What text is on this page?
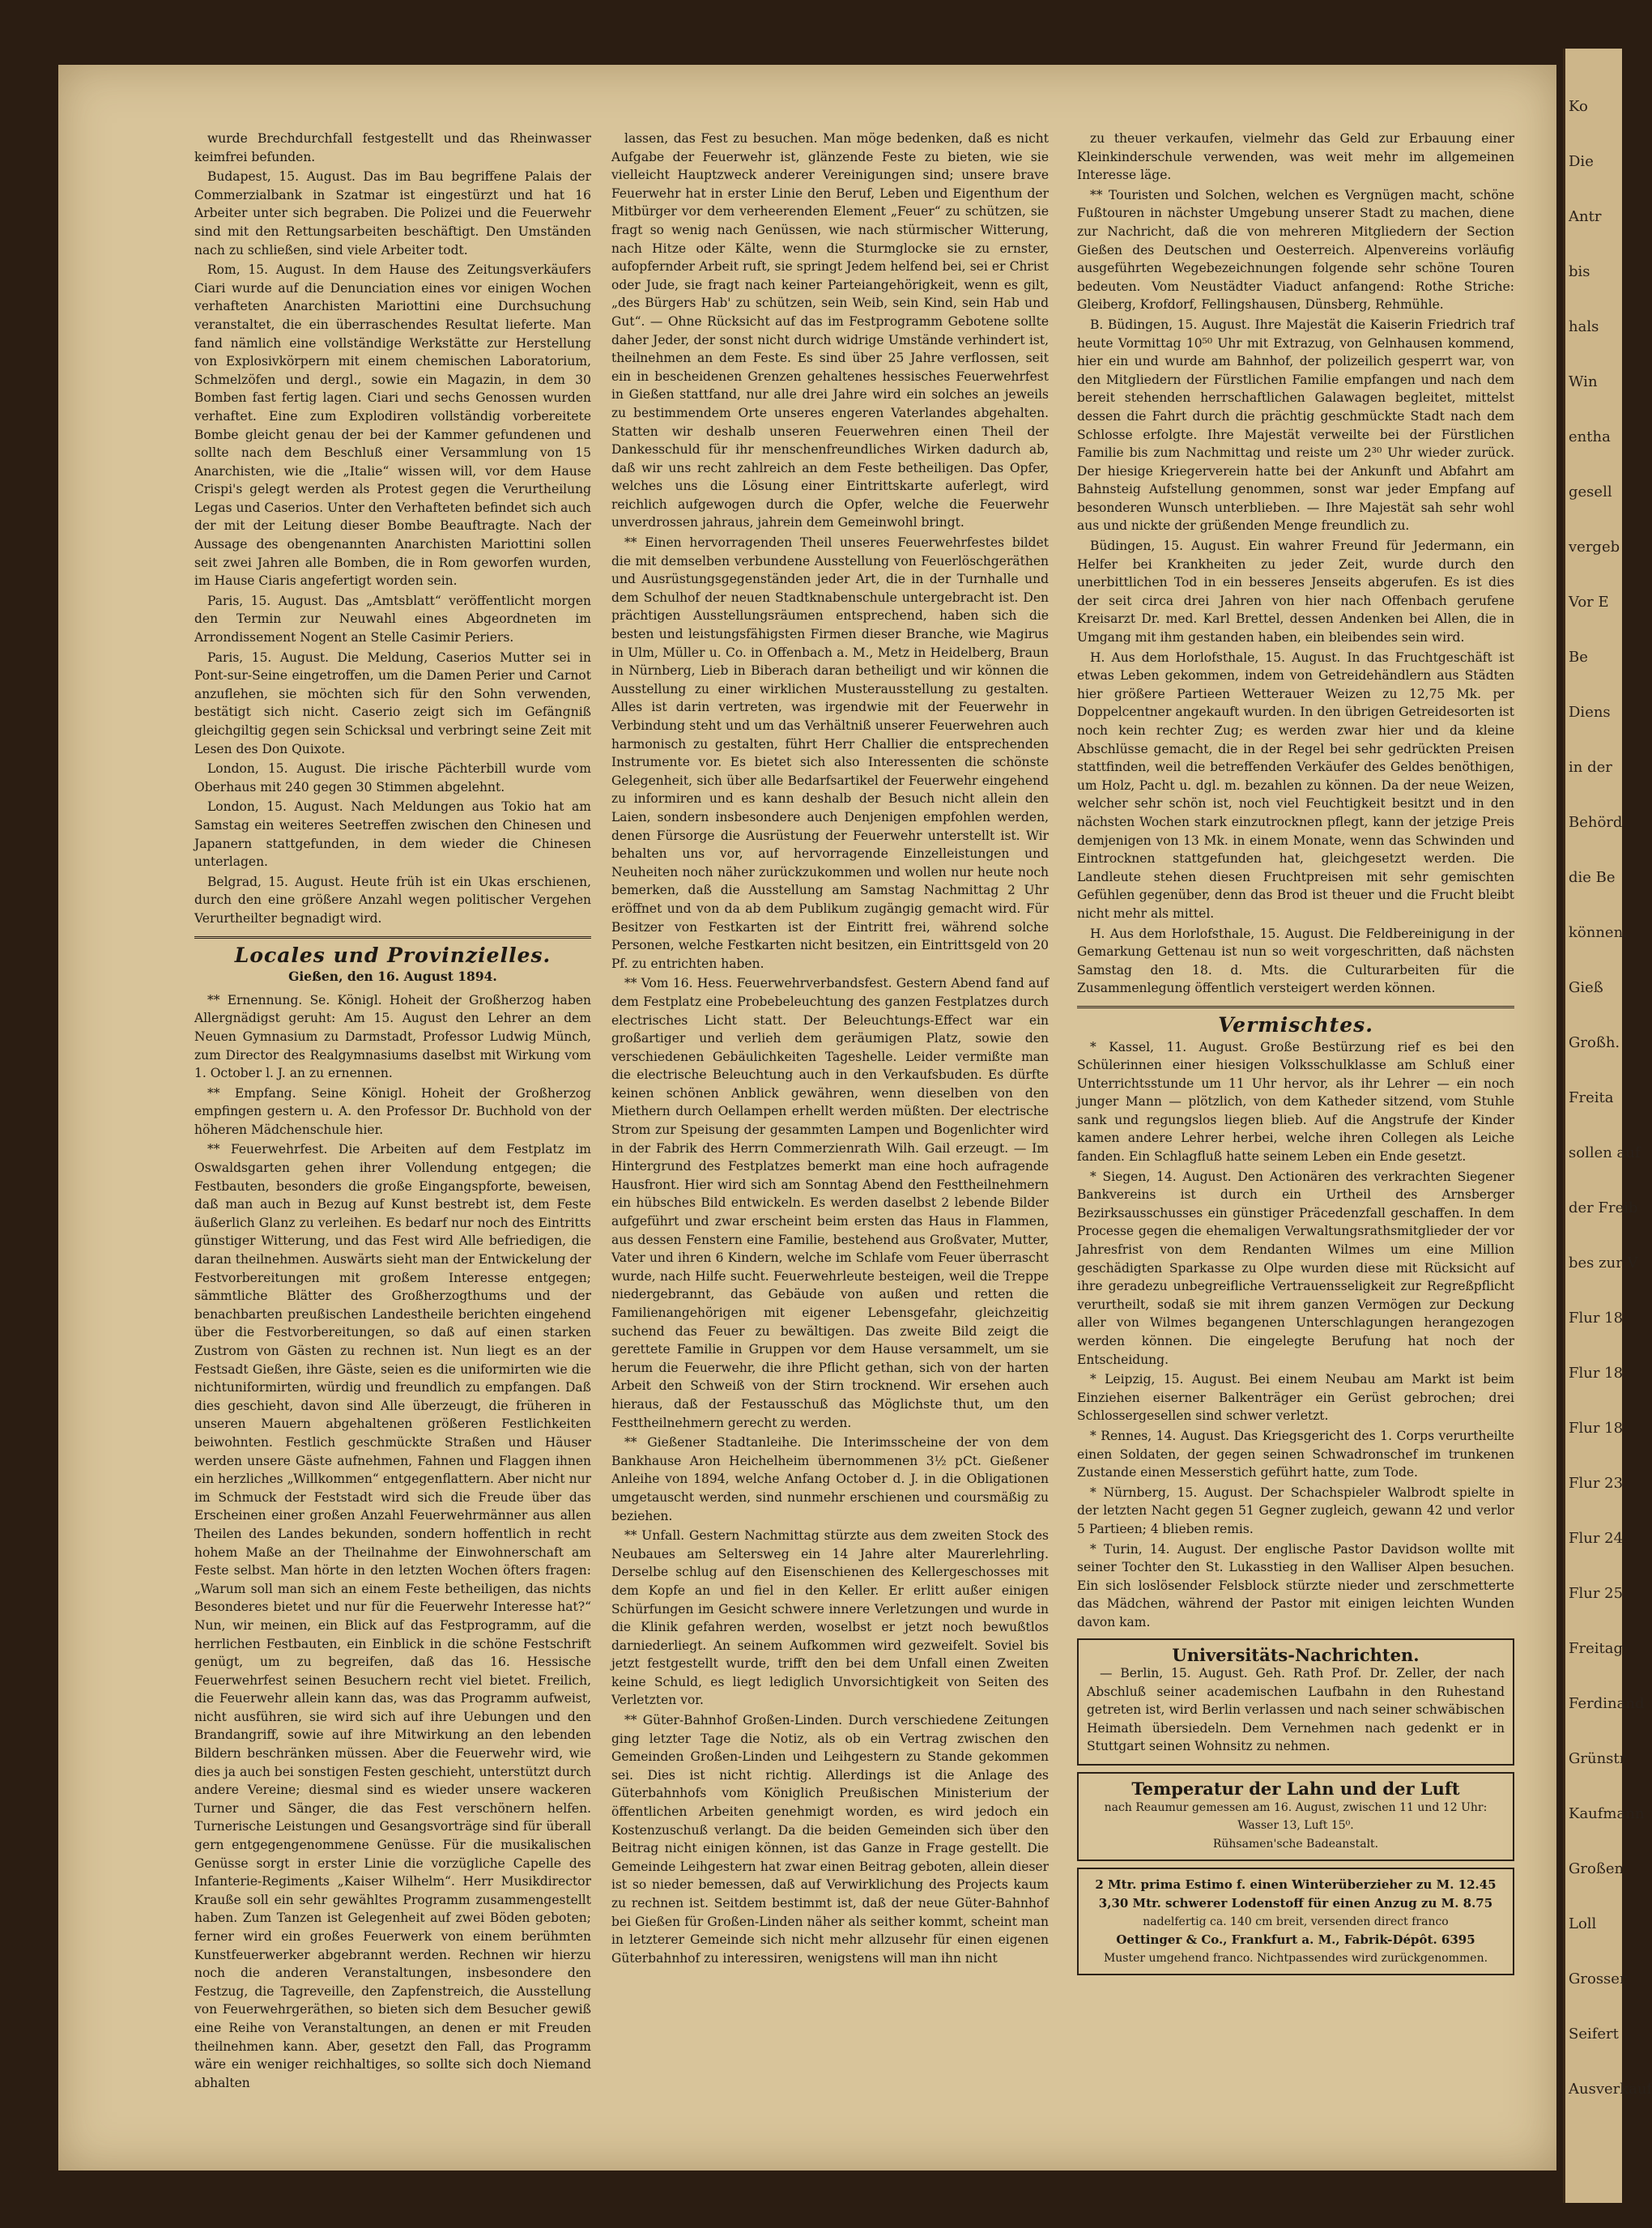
wurde Brechdurchfall festgestellt und das Rheinwasser keimfrei befunden.

Budapest, 15. August. Das im Bau begriffene Palais der Commerzialbank in Szatmar ist eingestürzt und hat 16 Arbeiter unter sich begraben. Die Polizei und die Feuerwehr sind mit den Rettungsarbeiten beschäftigt. Den Umständen nach zu schließen, sind viele Arbeiter todt.

Rom, 15. August. In dem Hause des Zeitungsverkäufers Ciari wurde auf die Denunciation eines vor einigen Wochen verhafteten Anarchisten Mariottini eine Durchsuchung veranstaltet, die ein überraschendes Resultat lieferte. Man fand nämlich eine vollständige Werkstätte zur Herstellung von Explosivkörpern mit einem chemischen Laboratorium, Schmelzöfen und dergl., sowie ein Magazin, in dem 30 Bomben fast fertig lagen. Ciari und sechs Genossen wurden verhaftet. Eine zum Explodiren vollständig vorbereitete Bombe gleicht genau der bei der Kammer gefundenen und sollte nach dem Beschluß einer Versammlung von 15 Anarchisten, wie die „Italie“ wissen will, vor dem Hause Crispi's gelegt werden als Protest gegen die Verurtheilung Legas und Caserios. Unter den Verhafteten befindet sich auch der mit der Leitung dieser Bombe Beauftragte. Nach der Aussage des obengenannten Anarchisten Mariottini sollen seit zwei Jahren alle Bomben, die in Rom geworfen wurden, im Hause Ciaris angefertigt worden sein.

Paris, 15. August. Das „Amtsblatt“ veröffentlicht morgen den Termin zur Neuwahl eines Abgeordneten im Arrondissement Nogent an Stelle Casimir Periers.

Paris, 15. August. Die Meldung, Caserios Mutter sei in Pont-sur-Seine eingetroffen, um die Damen Perier und Carnot anzuflehen, sie möchten sich für den Sohn verwenden, bestätigt sich nicht. Caserio zeigt sich im Gefängniß gleichgiltig gegen sein Schicksal und verbringt seine Zeit mit Lesen des Don Quixote.

London, 15. August. Die irische Pächterbill wurde vom Oberhaus mit 240 gegen 30 Stimmen abgelehnt.

London, 15. August. Nach Meldungen aus Tokio hat am Samstag ein weiteres Seetreffen zwischen den Chinesen und Japanern stattgefunden, in dem wieder die Chinesen unterlagen.

Belgrad, 15. August. Heute früh ist ein Ukas erschienen, durch den eine größere Anzahl wegen politischer Vergehen Verurtheilter begnadigt wird.

Locales und Provinzielles.
Gießen, den 16. August 1894.

** Ernennung. Se. Königl. Hoheit der Großherzog haben Allergnädigst geruht: Am 15. August den Lehrer an dem Neuen Gymnasium zu Darmstadt, Professor Ludwig Münch, zum Director des Realgymnasiums daselbst mit Wirkung vom 1. October l. J. an zu ernennen.

** Empfang. Seine Königl. Hoheit der Großherzog empfingen gestern u. A. den Professor Dr. Buchhold von der höheren Mädchenschule hier.

** Feuerwehrfest. Die Arbeiten auf dem Festplatz im Oswaldsgarten gehen ihrer Vollendung entgegen; die Festbauten, besonders die große Eingangspforte, beweisen, daß man auch in Bezug auf Kunst bestrebt ist, dem Feste äußerlich Glanz zu verleihen. Es bedarf nur noch des Eintritts günstiger Witterung, und das Fest wird Alle befriedigen, die daran theilnehmen. Auswärts sieht man der Entwickelung der Festvorbereitungen mit großem Interesse entgegen; sämmtliche Blätter des Großherzogthums und der benachbarten preußischen Landestheile berichten eingehend über die Festvorbereitungen, so daß auf einen starken Zustrom von Gästen zu rechnen ist. Nun liegt es an der Festsadt Gießen, ihre Gäste, seien es die uniformirten wie die nichtuniformirten, würdig und freundlich zu empfangen. Daß dies geschieht, davon sind Alle überzeugt, die früheren in unseren Mauern abgehaltenen größeren Festlichkeiten beiwohnten. Festlich geschmückte Straßen und Häuser werden unsere Gäste aufnehmen, Fahnen und Flaggen ihnen ein herzliches „Willkommen“ entgegenflattern. Aber nicht nur im Schmuck der Feststadt wird sich die Freude über das Erscheinen einer großen Anzahl Feuerwehrmänner aus allen Theilen des Landes bekunden, sondern hoffentlich in recht hohem Maße an der Theilnahme der Einwohnerschaft am Feste selbst. Man hörte in den letzten Wochen öfters fragen: „Warum soll man sich an einem Feste betheiligen, das nichts Besonderes bietet und nur für die Feuerwehr Interesse hat?“ Nun, wir meinen, ein Blick auf das Festprogramm, auf die herrlichen Festbauten, ein Einblick in die schöne Festschrift genügt, um zu begreifen, daß das 16. Hessische Feuerwehrfest seinen Besuchern recht viel bietet. Freilich, die Feuerwehr allein kann das, was das Programm aufweist, nicht ausführen, sie wird sich auf ihre Uebungen und den Brandangriff, sowie auf ihre Mitwirkung an den lebenden Bildern beschränken müssen. Aber die Feuerwehr wird, wie dies ja auch bei sonstigen Festen geschieht, unterstützt durch andere Vereine; diesmal sind es wieder unsere wackeren Turner und Sänger, die das Fest verschönern helfen. Turnerische Leistungen und Gesangsvorträge sind für überall gern entgegengenommene Genüsse. Für die musikalischen Genüsse sorgt in erster Linie die vorzügliche Capelle des Infanterie-Regiments „Kaiser Wilhelm“. Herr Musikdirector Krauße soll ein sehr gewähltes Programm zusammengestellt haben. Zum Tanzen ist Gelegenheit auf zwei Böden geboten; ferner wird ein großes Feuerwerk von einem berühmten Kunstfeuerwerker abgebrannt werden. Rechnen wir hierzu noch die anderen Veranstaltungen, insbesondere den Festzug, die Tagreveille, den Zapfenstreich, die Ausstellung von Feuerwehrgeräthen, so bieten sich dem Besucher gewiß eine Reihe von Veranstaltungen, an denen er mit Freuden theilnehmen kann. Aber, gesetzt den Fall, das Programm wäre ein weniger reichhaltiges, so sollte sich doch Niemand abhalten

lassen, das Fest zu besuchen. Man möge bedenken, daß es nicht Aufgabe der Feuerwehr ist, glänzende Feste zu bieten, wie sie vielleicht Hauptzweck anderer Vereinigungen sind; unsere brave Feuerwehr hat in erster Linie den Beruf, Leben und Eigenthum der Mitbürger vor dem verheerenden Element „Feuer“ zu schützen, sie fragt so wenig nach Genüssen, wie nach stürmischer Witterung, nach Hitze oder Kälte, wenn die Sturmglocke sie zu ernster, aufopfernder Arbeit ruft, sie springt Jedem helfend bei, sei er Christ oder Jude, sie fragt nach keiner Parteiangehörigkeit, wenn es gilt, „des Bürgers Hab' zu schützen, sein Weib, sein Kind, sein Hab und Gut“. — Ohne Rücksicht auf das im Festprogramm Gebotene sollte daher Jeder, der sonst nicht durch widrige Umstände verhindert ist, theilnehmen an dem Feste. Es sind über 25 Jahre verflossen, seit ein in bescheidenen Grenzen gehaltenes hessisches Feuerwehrfest in Gießen stattfand, nur alle drei Jahre wird ein solches an jeweils zu bestimmendem Orte unseres engeren Vaterlandes abgehalten. Statten wir deshalb unseren Feuerwehren einen Theil der Dankesschuld für ihr menschenfreundliches Wirken dadurch ab, daß wir uns recht zahlreich an dem Feste betheiligen. Das Opfer, welches uns die Lösung einer Eintrittskarte auferlegt, wird reichlich aufgewogen durch die Opfer, welche die Feuerwehr unverdrossen jahraus, jahrein dem Gemeinwohl bringt.

** Einen hervorragenden Theil unseres Feuerwehrfestes bildet die mit demselben verbundene Ausstellung von Feuerlöschgeräthen und Ausrüstungsgegenständen jeder Art, die in der Turnhalle und dem Schulhof der neuen Stadtknabenschule untergebracht ist. Den prächtigen Ausstellungsräumen entsprechend, haben sich die besten und leistungsfähigsten Firmen dieser Branche, wie Magirus in Ulm, Müller u. Co. in Offenbach a. M., Metz in Heidelberg, Braun in Nürnberg, Lieb in Biberach daran betheiligt und wir können die Ausstellung zu einer wirklichen Musterausstellung zu gestalten. Alles ist darin vertreten, was irgendwie mit der Feuerwehr in Verbindung steht und um das Verhältniß unserer Feuerwehren auch harmonisch zu gestalten, führt Herr Challier die entsprechenden Instrumente vor. Es bietet sich also Interessenten die schönste Gelegenheit, sich über alle Bedarfsartikel der Feuerwehr eingehend zu informiren und es kann deshalb der Besuch nicht allein den Laien, sondern insbesondere auch Denjenigen empfohlen werden, denen Fürsorge die Ausrüstung der Feuerwehr unterstellt ist. Wir behalten uns vor, auf hervorragende Einzelleistungen und Neuheiten noch näher zurückzukommen und wollen nur heute noch bemerken, daß die Ausstellung am Samstag Nachmittag 2 Uhr eröffnet und von da ab dem Publikum zugängig gemacht wird. Für Besitzer von Festkarten ist der Eintritt frei, während solche Personen, welche Festkarten nicht besitzen, ein Eintrittsgeld von 20 Pf. zu entrichten haben.

** Vom 16. Hess. Feuerwehrverbandsfest. Gestern Abend fand auf dem Festplatz eine Probebeleuchtung des ganzen Festplatzes durch electrisches Licht statt. Der Beleuchtungs-Effect war ein großartiger und verlieh dem geräumigen Platz, sowie den verschiedenen Gebäulichkeiten Tageshelle. Leider vermißte man die electrische Beleuchtung auch in den Verkaufsbuden. Es dürfte keinen schönen Anblick gewähren, wenn dieselben von den Miethern durch Oellampen erhellt werden müßten. Der electrische Strom zur Speisung der gesammten Lampen und Bogenlichter wird in der Fabrik des Herrn Commerzienrath Wilh. Gail erzeugt. — Im Hintergrund des Festplatzes bemerkt man eine hoch aufragende Hausfront. Hier wird sich am Sonntag Abend den Festtheilnehmern ein hübsches Bild entwickeln. Es werden daselbst 2 lebende Bilder aufgeführt und zwar erscheint beim ersten das Haus in Flammen, aus dessen Fenstern eine Familie, bestehend aus Großvater, Mutter, Vater und ihren 6 Kindern, welche im Schlafe vom Feuer überrascht wurde, nach Hilfe sucht. Feuerwehrleute besteigen, weil die Treppe niedergebrannt, das Gebäude von außen und retten die Familienangehörigen mit eigener Lebensgefahr, gleichzeitig suchend das Feuer zu bewältigen. Das zweite Bild zeigt die gerettete Familie in Gruppen vor dem Hause versammelt, um sie herum die Feuerwehr, die ihre Pflicht gethan, sich von der harten Arbeit den Schweiß von der Stirn trocknend. Wir ersehen auch hieraus, daß der Festausschuß das Möglichste thut, um den Festtheilnehmern gerecht zu werden.

** Gießener Stadtanleihe. Die Interimsscheine der von dem Bankhause Aron Heichelheim übernommenen 3½ pCt. Gießener Anleihe von 1894, welche Anfang October d. J. in die Obligationen umgetauscht werden, sind nunmehr erschienen und coursmäßig zu beziehen.

** Unfall. Gestern Nachmittag stürzte aus dem zweiten Stock des Neubaues am Seltersweg ein 14 Jahre alter Maurerlehrling. Derselbe schlug auf den Eisenschienen des Kellergeschosses mit dem Kopfe an und fiel in den Keller. Er erlitt außer einigen Schürfungen im Gesicht schwere innere Verletzungen und wurde in die Klinik gefahren werden, woselbst er jetzt noch bewußtlos darniederliegt. An seinem Aufkommen wird gezweifelt. Soviel bis jetzt festgestellt wurde, trifft den bei dem Unfall einen Zweiten keine Schuld, es liegt lediglich Unvorsichtigkeit von Seiten des Verletzten vor.

** Güter-Bahnhof Großen-Linden. Durch verschiedene Zeitungen ging letzter Tage die Notiz, als ob ein Vertrag zwischen den Gemeinden Großen-Linden und Leihgestern zu Stande gekommen sei. Dies ist nicht richtig. Allerdings ist die Anlage des Güterbahnhofs vom Königlich Preußischen Ministerium der öffentlichen Arbeiten genehmigt worden, es wird jedoch ein Kostenzuschuß verlangt. Da die beiden Gemeinden sich über den Beitrag nicht einigen können, ist das Ganze in Frage gestellt. Die Gemeinde Leihgestern hat zwar einen Beitrag geboten, allein dieser ist so nieder bemessen, daß auf Verwirklichung des Projects kaum zu rechnen ist. Seitdem bestimmt ist, daß der neue Güter-Bahnhof bei Gießen für Großen-Linden näher als seither kommt, scheint man in letzterer Gemeinde sich nicht mehr allzusehr für einen eigenen Güterbahnhof zu interessiren, wenigstens will man ihn nicht

zu theuer verkaufen, vielmehr das Geld zur Erbauung einer Kleinkinderschule verwenden, was weit mehr im allgemeinen Interesse läge.

** Touristen und Solchen, welchen es Vergnügen macht, schöne Fußtouren in nächster Umgebung unserer Stadt zu machen, diene zur Nachricht, daß die von mehreren Mitgliedern der Section Gießen des Deutschen und Oesterreich. Alpenvereins vorläufig ausgeführten Wegebezeichnungen folgende sehr schöne Touren bedeuten. Vom Neustädter Viaduct anfangend: Rothe Striche: Gleiberg, Krofdorf, Fellingshausen, Dünsberg, Rehmühle.

B. Büdingen, 15. August. Ihre Majestät die Kaiserin Friedrich traf heute Vormittag 10⁵⁰ Uhr mit Extrazug, von Gelnhausen kommend, hier ein und wurde am Bahnhof, der polizeilich gesperrt war, von den Mitgliedern der Fürstlichen Familie empfangen und nach dem bereit stehenden herrschaftlichen Galawagen begleitet, mittelst dessen die Fahrt durch die prächtig geschmückte Stadt nach dem Schlosse erfolgte. Ihre Majestät verweilte bei der Fürstlichen Familie bis zum Nachmittag und reiste um 2³⁰ Uhr wieder zurück. Der hiesige Kriegerverein hatte bei der Ankunft und Abfahrt am Bahnsteig Aufstellung genommen, sonst war jeder Empfang auf besonderen Wunsch unterblieben. — Ihre Majestät sah sehr wohl aus und nickte der grüßenden Menge freundlich zu.

Büdingen, 15. August. Ein wahrer Freund für Jedermann, ein Helfer bei Krankheiten zu jeder Zeit, wurde durch den unerbittlichen Tod in ein besseres Jenseits abgerufen. Es ist dies der seit circa drei Jahren von hier nach Offenbach gerufene Kreisarzt Dr. med. Karl Brettel, dessen Andenken bei Allen, die in Umgang mit ihm gestanden haben, ein bleibendes sein wird.

H. Aus dem Horlofsthale, 15. August. In das Fruchtgeschäft ist etwas Leben gekommen, indem von Getreidehändlern aus Städten hier größere Partieen Wetterauer Weizen zu 12,75 Mk. per Doppelcentner angekauft wurden. In den übrigen Getreidesorten ist noch kein rechter Zug; es werden zwar hier und da kleine Abschlüsse gemacht, die in der Regel bei sehr gedrückten Preisen stattfinden, weil die betreffenden Verkäufer des Geldes benöthigen, um Holz, Pacht u. dgl. m. bezahlen zu können. Da der neue Weizen, welcher sehr schön ist, noch viel Feuchtigkeit besitzt und in den nächsten Wochen stark einzutrocknen pflegt, kann der jetzige Preis demjenigen von 13 Mk. in einem Monate, wenn das Schwinden und Eintrocknen stattgefunden hat, gleichgesetzt werden. Die Landleute stehen diesen Fruchtpreisen mit sehr gemischten Gefühlen gegenüber, denn das Brod ist theuer und die Frucht bleibt nicht mehr als mittel.

H. Aus dem Horlofsthale, 15. August. Die Feldbereinigung in der Gemarkung Gettenau ist nun so weit vorgeschritten, daß nächsten Samstag den 18. d. Mts. die Culturarbeiten für die Zusammenlegung öffentlich versteigert werden können.

Vermischtes.

* Kassel, 11. August. Große Bestürzung rief es bei den Schülerinnen einer hiesigen Volksschulklasse am Schluß einer Unterrichtsstunde um 11 Uhr hervor, als ihr Lehrer — ein noch junger Mann — plötzlich, von dem Katheder sitzend, vom Stuhle sank und regungslos liegen blieb. Auf die Angstrufe der Kinder kamen andere Lehrer herbei, welche ihren Collegen als Leiche fanden. Ein Schlagfluß hatte seinem Leben ein Ende gesetzt.

* Siegen, 14. August. Den Actionären des verkrachten Siegener Bankvereins ist durch ein Urtheil des Arnsberger Bezirksausschusses ein günstiger Präcedenzfall geschaffen. In dem Processe gegen die ehemaligen Verwaltungsrathsmitglieder der vor Jahresfrist von dem Rendanten Wilmes um eine Million geschädigten Sparkasse zu Olpe wurden diese mit Rücksicht auf ihre geradezu unbegreifliche Vertrauensseligkeit zur Regreßpflicht verurtheilt, sodaß sie mit ihrem ganzen Vermögen zur Deckung aller von Wilmes begangenen Unterschlagungen herangezogen werden können. Die eingelegte Berufung hat noch der Entscheidung.

* Leipzig, 15. August. Bei einem Neubau am Markt ist beim Einziehen eiserner Balkenträger ein Gerüst gebrochen; drei Schlossergesellen sind schwer verletzt.

* Rennes, 14. August. Das Kriegsgericht des 1. Corps verurtheilte einen Soldaten, der gegen seinen Schwadronschef im trunkenen Zustande einen Messerstich geführt hatte, zum Tode.

* Nürnberg, 15. August. Der Schachspieler Walbrodt spielte in der letzten Nacht gegen 51 Gegner zugleich, gewann 42 und verlor 5 Partieen; 4 blieben remis.

* Turin, 14. August. Der englische Pastor Davidson wollte mit seiner Tochter den St. Lukasstieg in den Walliser Alpen besuchen. Ein sich loslösender Felsblock stürzte nieder und zerschmetterte das Mädchen, während der Pastor mit einigen leichten Wunden davon kam.

Universitäts-Nachrichten.

— Berlin, 15. August. Geh. Rath Prof. Dr. Zeller, der nach Abschluß seiner academischen Laufbahn in den Ruhestand getreten ist, wird Berlin verlassen und nach seiner schwäbischen Heimath übersiedeln. Dem Vernehmen nach gedenkt er in Stuttgart seinen Wohnsitz zu nehmen.

Temperatur der Lahn und der Luft
nach Reaumur gemessen am 16. August, zwischen 11 und 12 Uhr:
Wasser 13, Luft 15⁰.
Rühsamen'sche Badeanstalt.
2 Mtr. prima Estimo f. einen Winterüberzieher zu M. 12.45
3,30 Mtr. schwerer Lodenstoff für einen Anzug zu M. 8.75
nadelfertig ca. 140 cm breit, versenden direct franco
Oettinger & Co., Frankfurt a. M., Fabrik-Dépôt. 6395
Muster umgehend franco. Nichtpassendes wird zurückgenommen.
Ko
Die
Antr
bis
hals
Win
entha
gesell
vergeb
Vor E
Be
Diens
in der
Behörd
die Be
können.
Gieß
Großh.
Freita
sollen auf
der Freib
bes zur V
Flur 18
Flur 18
Flur 18
Flur 23
Flur 24
Flur 25
Freitag
Ferdinand
Grünstr
Kaufmann
Großen
Loll
Grosser
Seifert
Ausverkauf
